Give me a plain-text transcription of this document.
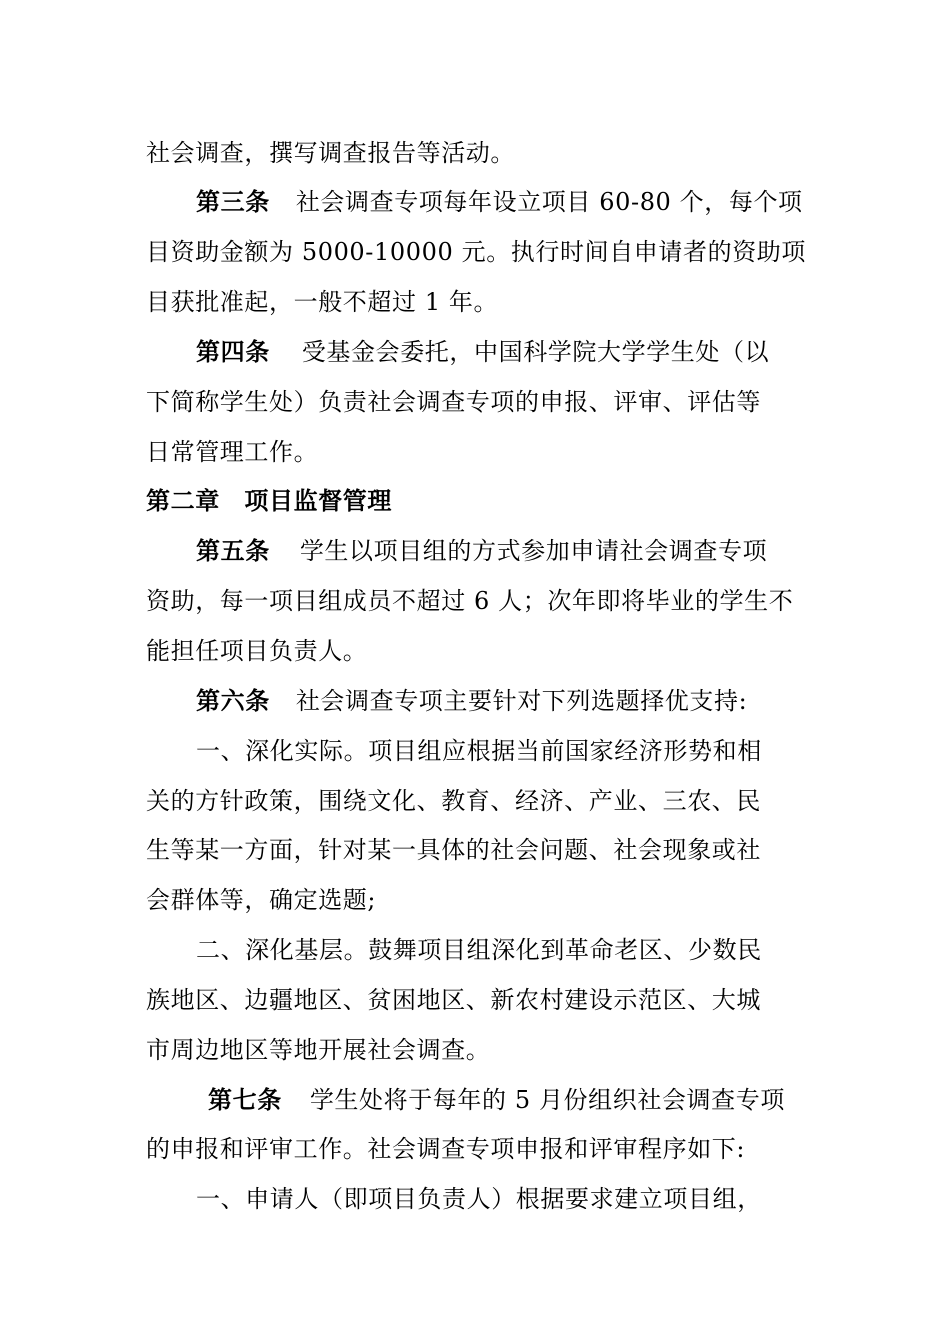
社会调查，撰写调查报告等活动。
第三条 社会调查专项每年设立项目 60-80 个，每个项
目资助金额为 5000-10000 元。执行时间自申请者的资助项
目获批准起，一般不超过 1 年。
第四条 受基金会委托，中国科学院大学学生处（以
下简称学生处）负责社会调查专项的申报、评审、评估等
日常管理工作。
第二章　项目监督管理
第五条 学生以项目组的方式参加申请社会调查专项
资助，每一项目组成员不超过 6 人；次年即将毕业的学生不
能担任项目负责人。
第六条 社会调查专项主要针对下列选题择优支持:
一、深化实际。项目组应根据当前国家经济形势和相
关的方针政策，围绕文化、教育、经济、产业、三农、民
生等某一方面，针对某一具体的社会问题、社会现象或社
会群体等，确定选题;
二、深化基层。鼓舞项目组深化到革命老区、少数民
族地区、边疆地区、贫困地区、新农村建设示范区、大城
市周边地区等地开展社会调查。
第七条 学生处将于每年的 5 月份组织社会调查专项
的申报和评审工作。社会调查专项申报和评审程序如下:
一、申请人（即项目负责人）根据要求建立项目组，
